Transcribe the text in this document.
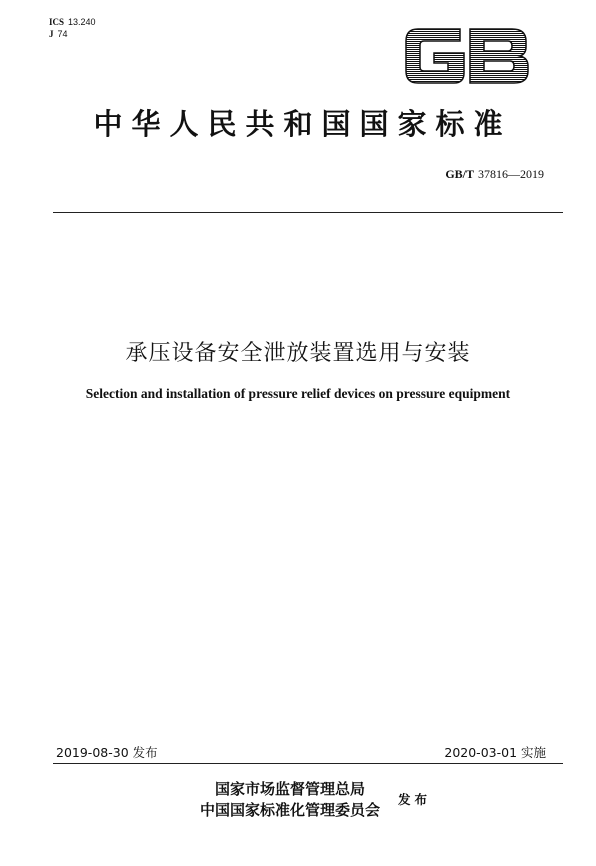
ICS 13.240
J 74
GB
中华人民共和国国家标准
GB/T 37816—2019
承压设备安全泄放装置选用与安装
Selection and installation of pressure relief devices on pressure equipment
2019-08-30 发布	2020-03-01 实施
国家市场监督管理总局
中国国家标准化管理委员会
发布
